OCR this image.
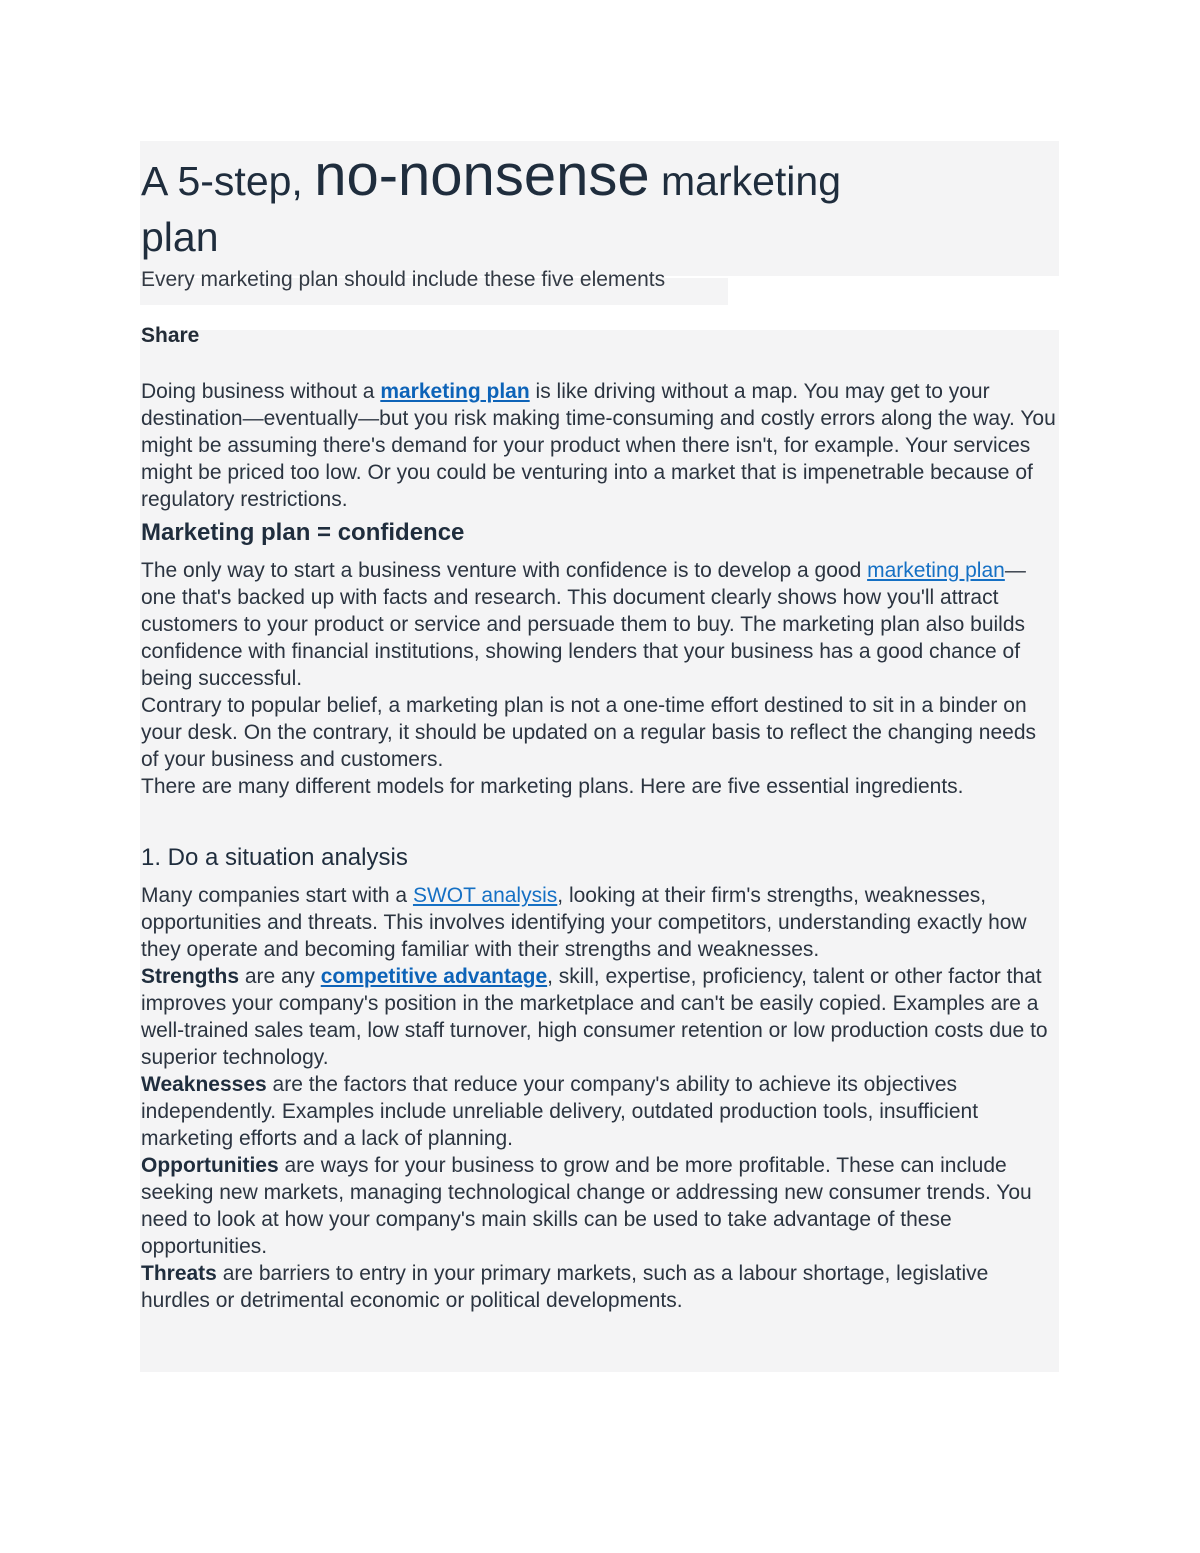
A 5-step, no-nonsense marketing
plan

Every marketing plan should include these five elements

Share

Doing business without a marketing plan is like driving without a map. You may get to your destination—eventually—but you risk making time-consuming and costly errors along the way. You might be assuming there's demand for your product when there isn't, for example. Your services might be priced too low. Or you could be venturing into a market that is impenetrable because of regulatory restrictions.

Marketing plan = confidence

The only way to start a business venture with confidence is to develop a good marketing plan—one that's backed up with facts and research. This document clearly shows how you'll attract customers to your product or service and persuade them to buy. The marketing plan also builds confidence with financial institutions, showing lenders that your business has a good chance of being successful.

Contrary to popular belief, a marketing plan is not a one-time effort destined to sit in a binder on your desk. On the contrary, it should be updated on a regular basis to reflect the changing needs of your business and customers.

There are many different models for marketing plans. Here are five essential ingredients.

1. Do a situation analysis

Many companies start with a SWOT analysis, looking at their firm's strengths, weaknesses, opportunities and threats. This involves identifying your competitors, understanding exactly how they operate and becoming familiar with their strengths and weaknesses.

Strengths are any competitive advantage, skill, expertise, proficiency, talent or other factor that improves your company's position in the marketplace and can't be easily copied. Examples are a well-trained sales team, low staff turnover, high consumer retention or low production costs due to superior technology.

Weaknesses are the factors that reduce your company's ability to achieve its objectives independently. Examples include unreliable delivery, outdated production tools, insufficient marketing efforts and a lack of planning.

Opportunities are ways for your business to grow and be more profitable. These can include seeking new markets, managing technological change or addressing new consumer trends. You need to look at how your company's main skills can be used to take advantage of these opportunities.

Threats are barriers to entry in your primary markets, such as a labour shortage, legislative hurdles or detrimental economic or political developments.
